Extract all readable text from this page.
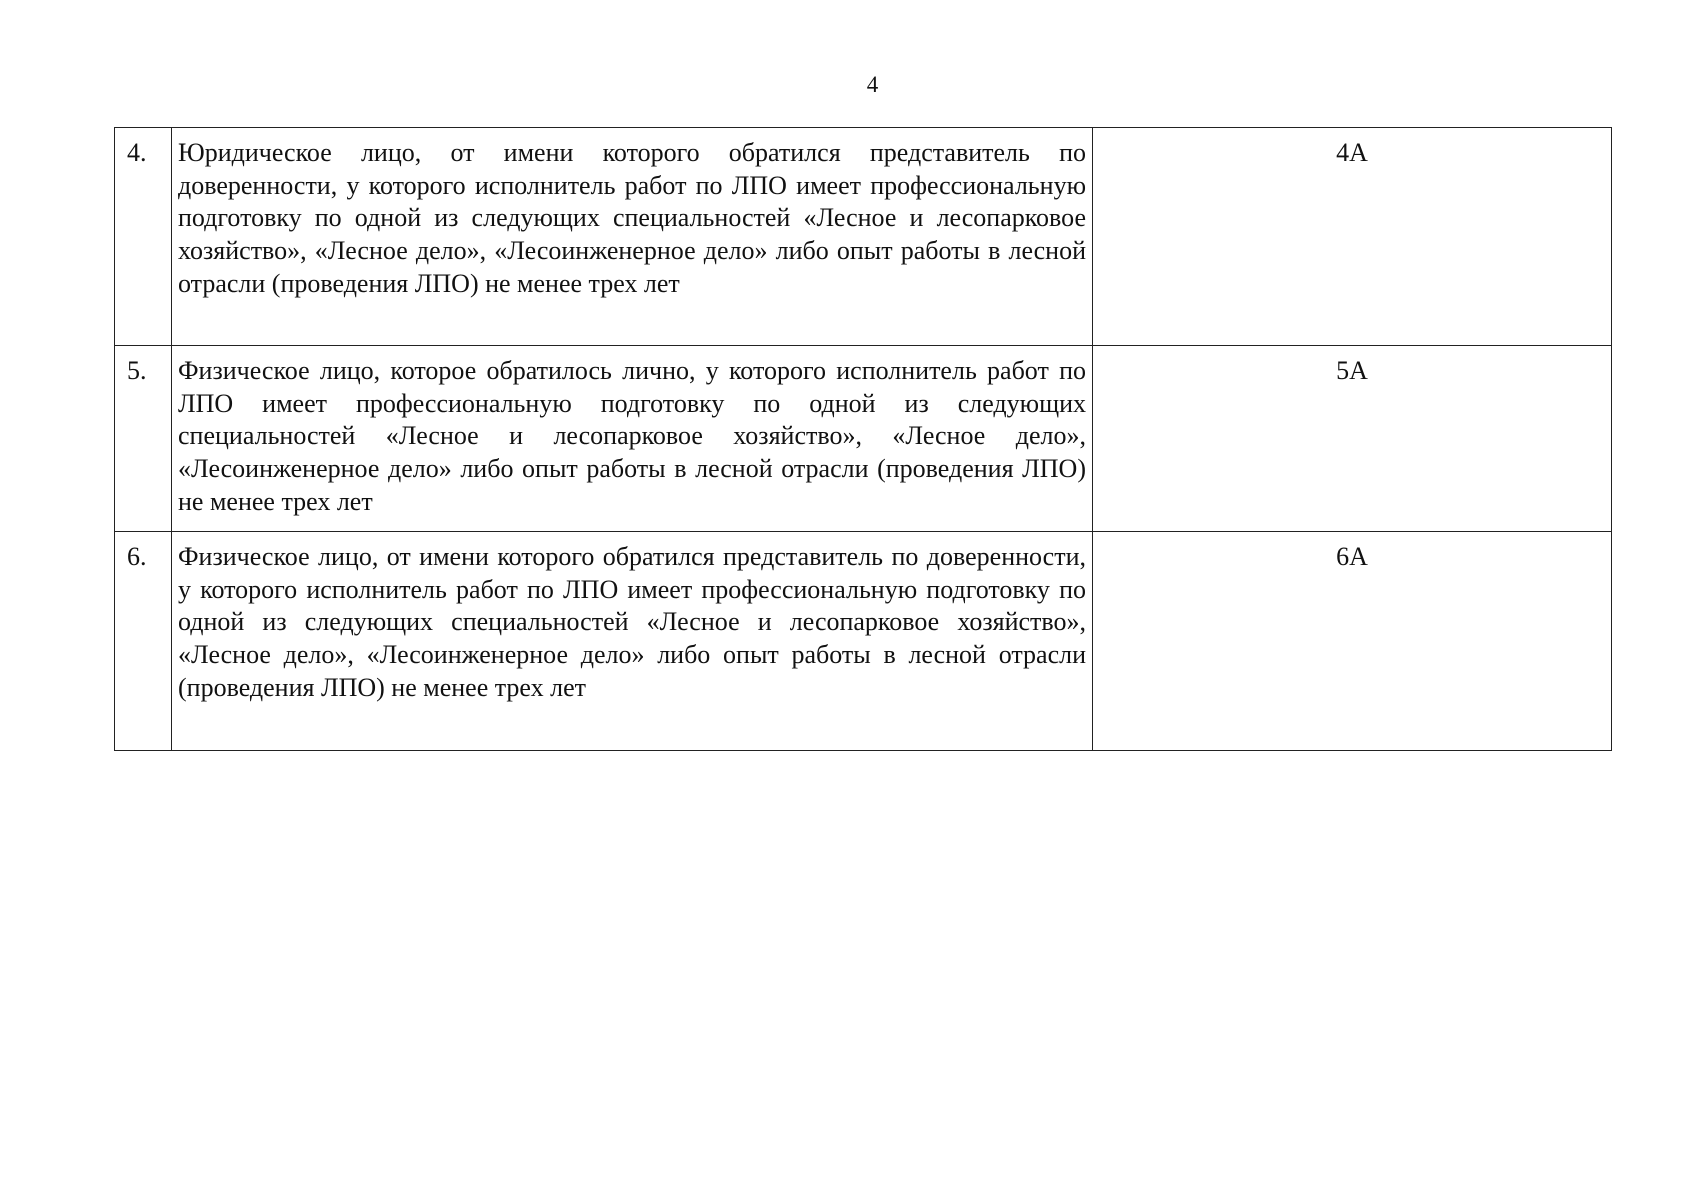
4
4.	Юридическое лицо, от имени которого обратился представитель по доверенности, у которого исполнитель работ по ЛПО имеет профессиональную подготовку по одной из следующих специальностей «Лесное и лесопарковое хозяйство», «Лесное дело», «Лесоинженерное дело» либо опыт работы в лесной отрасли (проведения ЛПО) не менее трех лет	4А
5.	Физическое лицо, которое обратилось лично, у которого исполнитель работ по ЛПО имеет профессиональную подготовку по одной из следующих специальностей «Лесное и лесопарковое хозяйство», «Лесное дело», «Лесоинженерное дело» либо опыт работы в лесной отрасли (проведения ЛПО) не менее трех лет	5А
6.	Физическое лицо, от имени которого обратился представитель по доверенности, у которого исполнитель работ по ЛПО имеет профессиональную подготовку по одной из следующих специальностей «Лесное и лесопарковое хозяйство», «Лесное дело», «Лесоинженерное дело» либо опыт работы в лесной отрасли (проведения ЛПО) не менее трех лет	6А
